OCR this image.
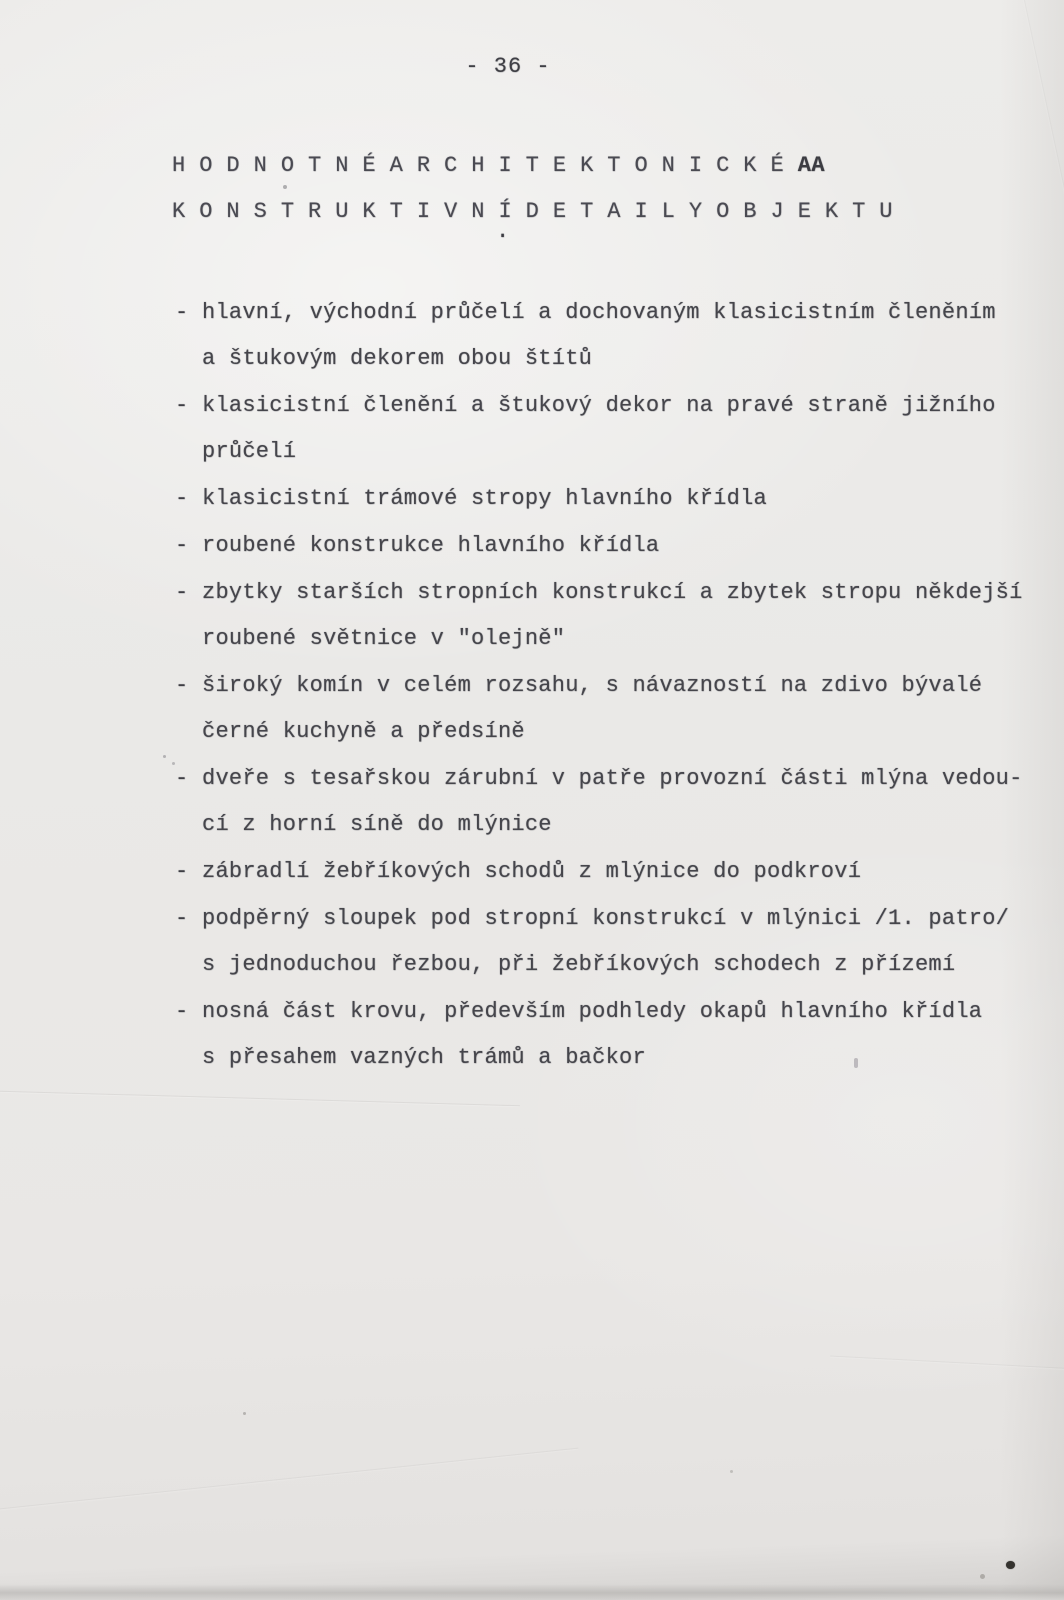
- 36 -
H O D N O T N É A R C H I T E K T O N I C K É AA
K O N S T R U K T I V N Í D E T A I L Y O B J E K T U
.
- hlavní, východní průčelí a dochovaným klasicistním členěním
a štukovým dekorem obou štítů
- klasicistní členění a štukový dekor na pravé straně jižního
průčelí
- klasicistní trámové stropy hlavního křídla
- roubené konstrukce hlavního křídla
- zbytky starších stropních konstrukcí a zbytek stropu někdejší
roubené světnice v "olejně"
- široký komín v celém rozsahu, s návazností na zdivo bývalé
černé kuchyně a předsíně
- dveře s tesařskou zárubní v patře provozní části mlýna vedou-
cí z horní síně do mlýnice
- zábradlí žebříkových schodů z mlýnice do podkroví
- podpěrný sloupek pod stropní konstrukcí v mlýnici /1. patro/
s jednoduchou řezbou, při žebříkových schodech z přízemí
- nosná část krovu, především podhledy okapů hlavního křídla
s přesahem vazných trámů a bačkor
